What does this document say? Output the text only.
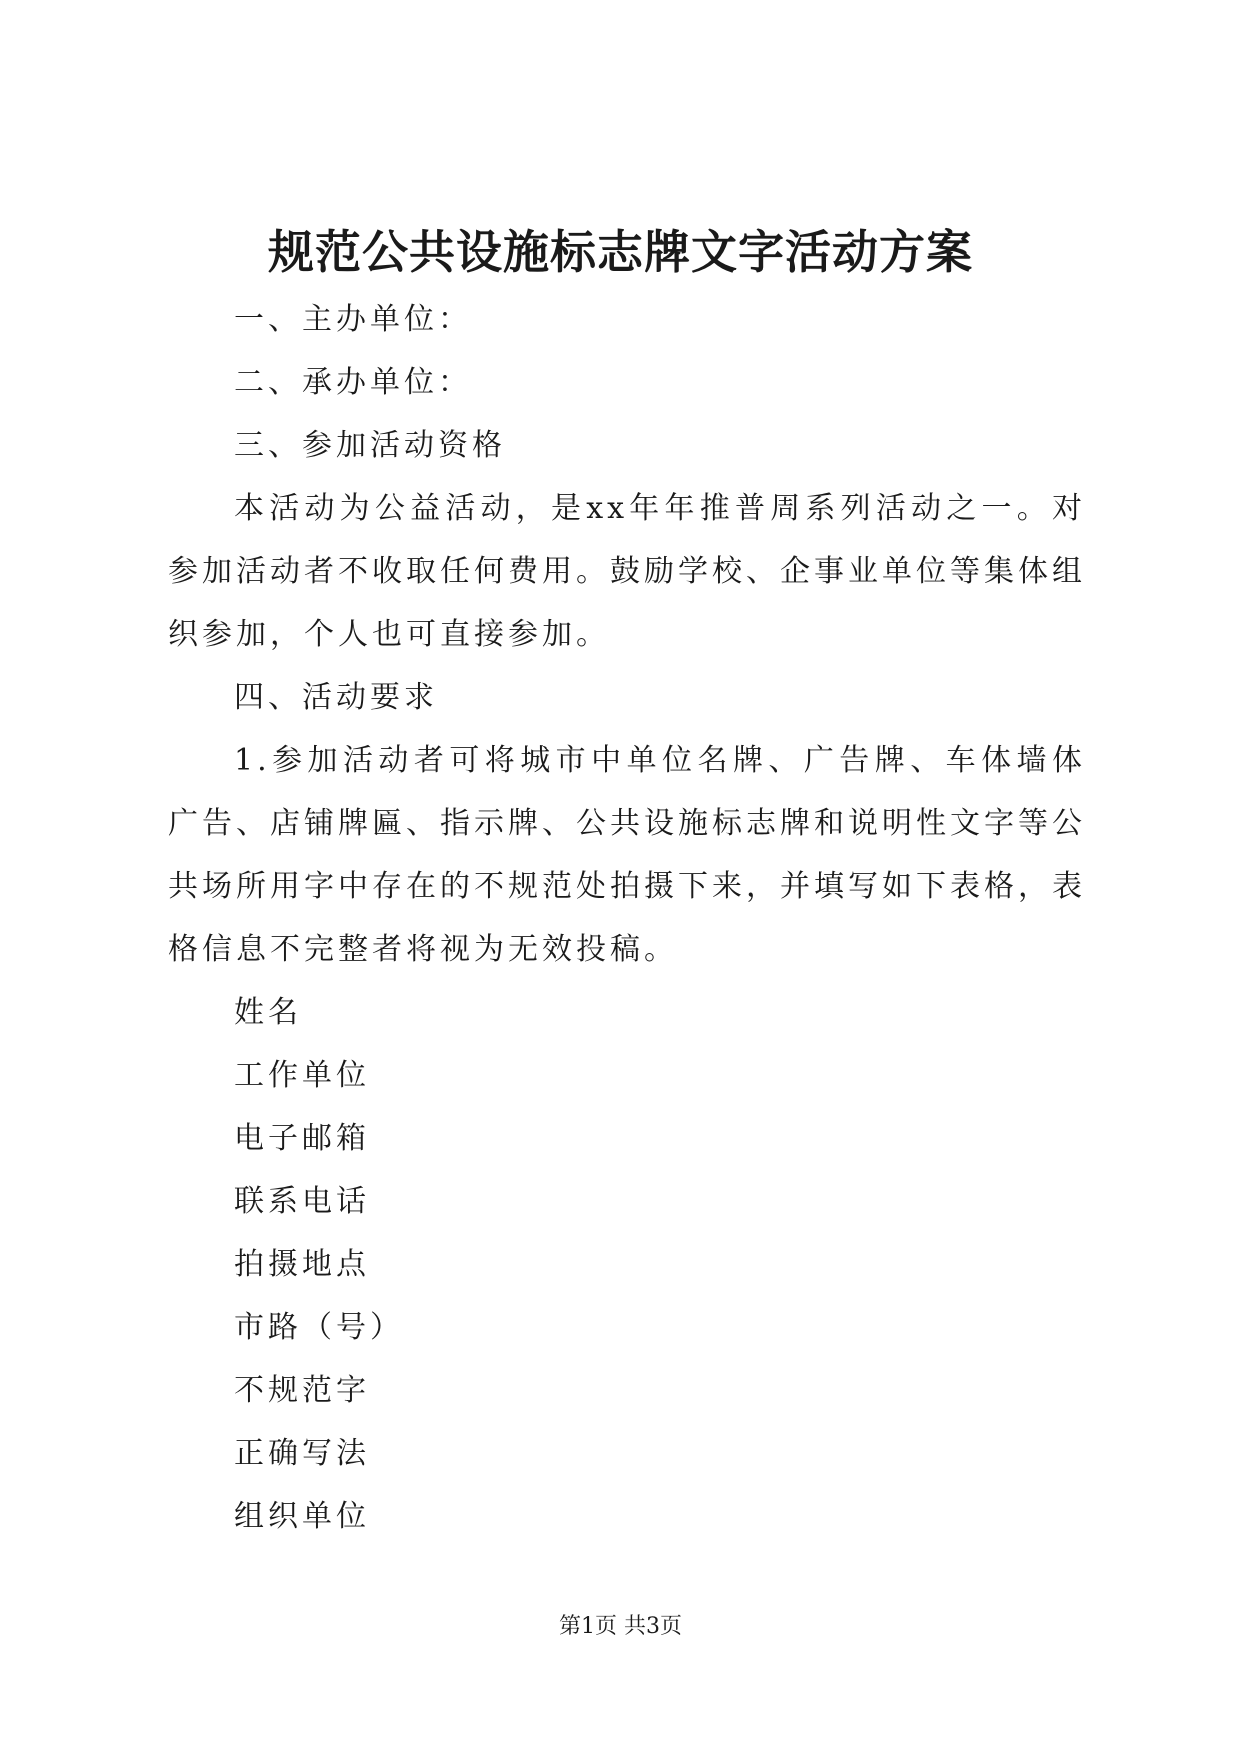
规范公共设施标志牌文字活动方案

一、主办单位：

二、承办单位：

三、参加活动资格

本活动为公益活动，是xx年年推普周系列活动之一。对参加活动者不收取任何费用。鼓励学校、企事业单位等集体组织参加，个人也可直接参加。

四、活动要求

1.参加活动者可将城市中单位名牌、广告牌、车体墙体广告、店铺牌匾、指示牌、公共设施标志牌和说明性文字等公共场所用字中存在的不规范处拍摄下来，并填写如下表格，表格信息不完整者将视为无效投稿。

姓名

工作单位

电子邮箱

联系电话

拍摄地点

市路（号）

不规范字

正确写法

组织单位

第1页 共3页
